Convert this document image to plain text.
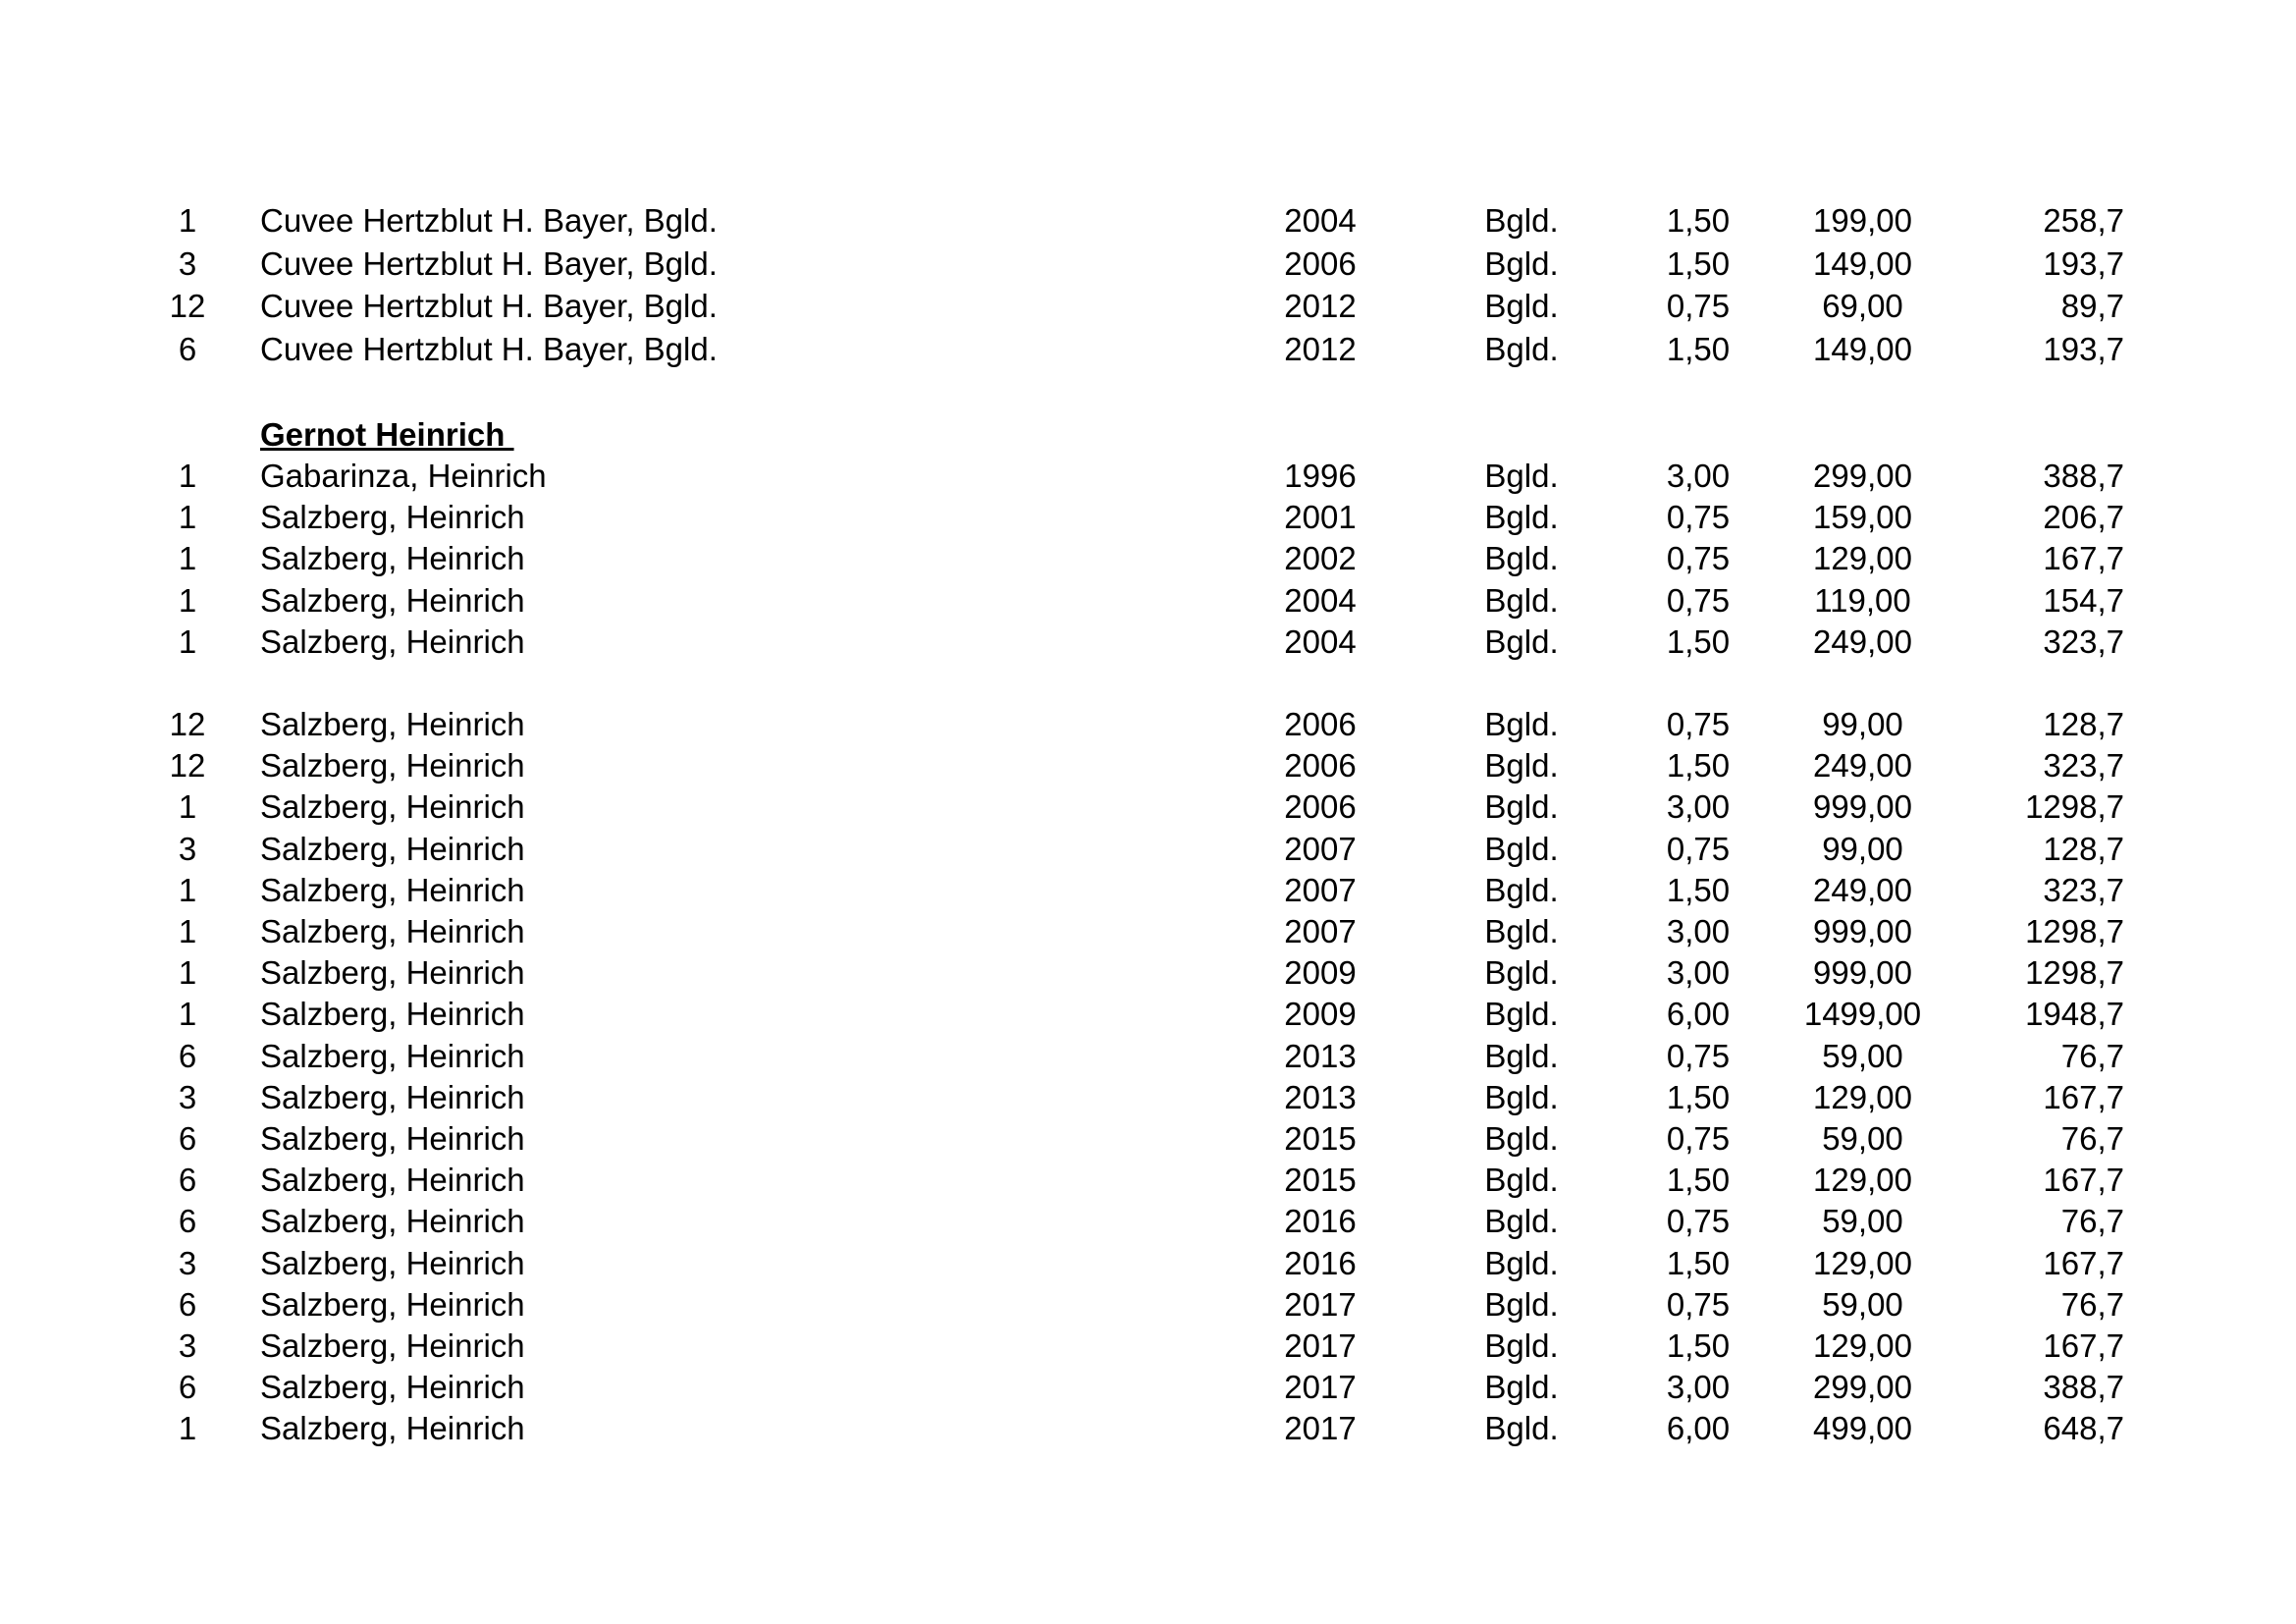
1	Cuvee Hertzblut H. Bayer, Bgld.	2004	Bgld.	1,50	199,00	258,7
3	Cuvee Hertzblut H. Bayer, Bgld.	2006	Bgld.	1,50	149,00	193,7
12	Cuvee Hertzblut H. Bayer, Bgld.	2012	Bgld.	0,75	69,00	89,7
6	Cuvee Hertzblut H. Bayer, Bgld.	2012	Bgld.	1,50	149,00	193,7
Gernot Heinrich
1	Gabarinza, Heinrich	1996	Bgld.	3,00	299,00	388,7
1	Salzberg, Heinrich	2001	Bgld.	0,75	159,00	206,7
1	Salzberg, Heinrich	2002	Bgld.	0,75	129,00	167,7
1	Salzberg, Heinrich	2004	Bgld.	0,75	119,00	154,7
1	Salzberg, Heinrich	2004	Bgld.	1,50	249,00	323,7
12	Salzberg, Heinrich	2006	Bgld.	0,75	99,00	128,7
12	Salzberg, Heinrich	2006	Bgld.	1,50	249,00	323,7
1	Salzberg, Heinrich	2006	Bgld.	3,00	999,00	1298,7
3	Salzberg, Heinrich	2007	Bgld.	0,75	99,00	128,7
1	Salzberg, Heinrich	2007	Bgld.	1,50	249,00	323,7
1	Salzberg, Heinrich	2007	Bgld.	3,00	999,00	1298,7
1	Salzberg, Heinrich	2009	Bgld.	3,00	999,00	1298,7
1	Salzberg, Heinrich	2009	Bgld.	6,00	1499,00	1948,7
6	Salzberg, Heinrich	2013	Bgld.	0,75	59,00	76,7
3	Salzberg, Heinrich	2013	Bgld.	1,50	129,00	167,7
6	Salzberg, Heinrich	2015	Bgld.	0,75	59,00	76,7
6	Salzberg, Heinrich	2015	Bgld.	1,50	129,00	167,7
6	Salzberg, Heinrich	2016	Bgld.	0,75	59,00	76,7
3	Salzberg, Heinrich	2016	Bgld.	1,50	129,00	167,7
6	Salzberg, Heinrich	2017	Bgld.	0,75	59,00	76,7
3	Salzberg, Heinrich	2017	Bgld.	1,50	129,00	167,7
6	Salzberg, Heinrich	2017	Bgld.	3,00	299,00	388,7
1	Salzberg, Heinrich	2017	Bgld.	6,00	499,00	648,7
